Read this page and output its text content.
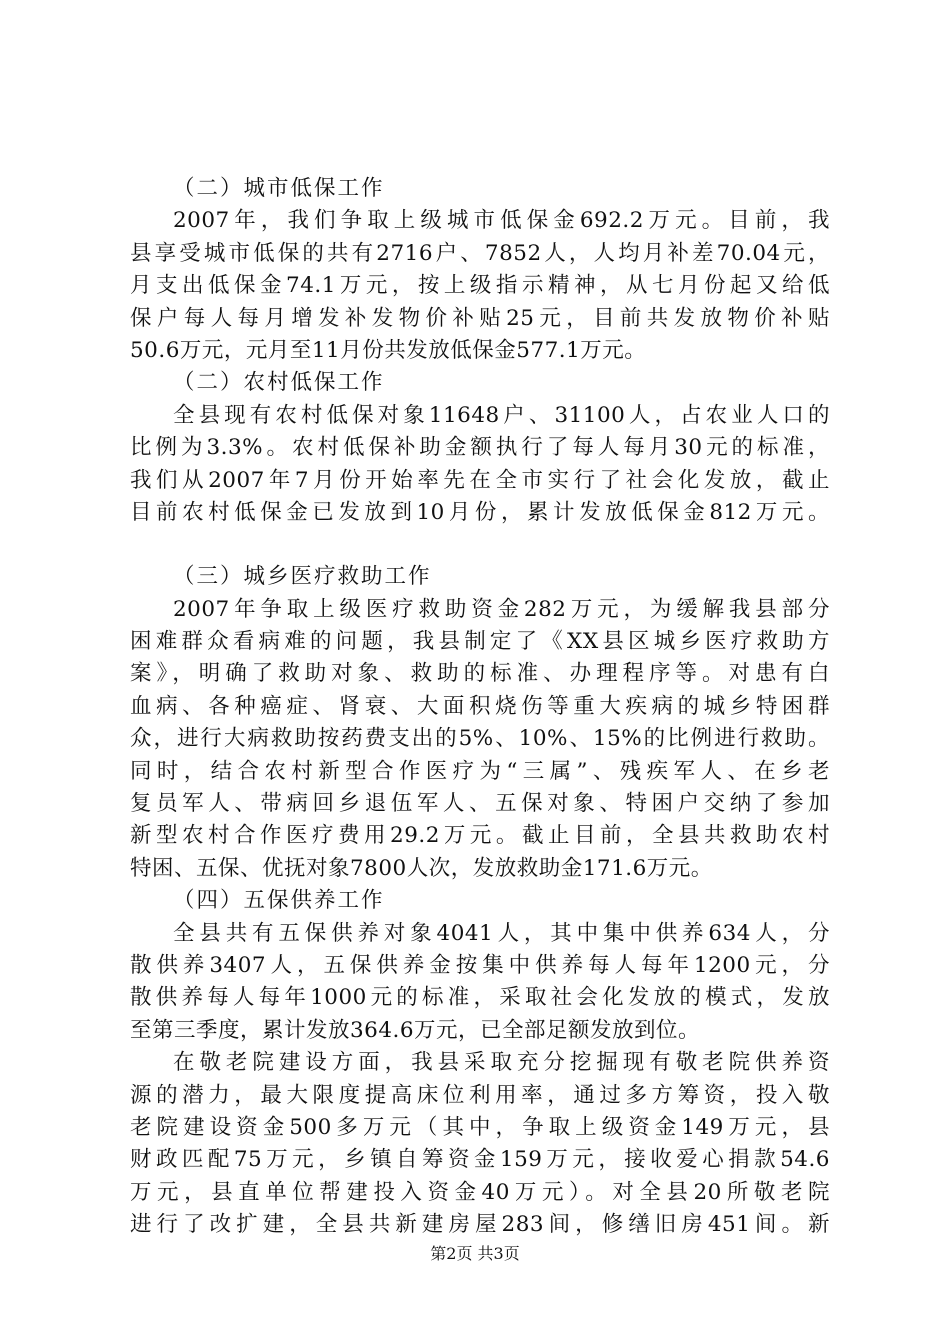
（二）城市低保工作
2007年，我们争取上级城市低保金692.2万元。目前，我
县享受城市低保的共有2716户、7852人，人均月补差70.04元，
月支出低保金74.1万元，按上级指示精神，从七月份起又给低
保户每人每月增发补发物价补贴25元，目前共发放物价补贴
50.6万元，元月至11月份共发放低保金577.1万元。
（二）农村低保工作
全县现有农村低保对象11648户、31100人，占农业人口的
比例为3.3%。农村低保补助金额执行了每人每月30元的标准，
我们从2007年7月份开始率先在全市实行了社会化发放，截止
目前农村低保金已发放到10月份，累计发放低保金812万元。
（三）城乡医疗救助工作
2007年争取上级医疗救助资金282万元，为缓解我县部分
困难群众看病难的问题，我县制定了《XX县区城乡医疗救助方
案》，明确了救助对象、救助的标准、办理程序等。对患有白
血病、各种癌症、肾衰、大面积烧伤等重大疾病的城乡特困群
众，进行大病救助按药费支出的5%、10%、15%的比例进行救助。
同时，结合农村新型合作医疗为“三属”、残疾军人、在乡老
复员军人、带病回乡退伍军人、五保对象、特困户交纳了参加
新型农村合作医疗费用29.2万元。截止目前，全县共救助农村
特困、五保、优抚对象7800人次，发放救助金171.6万元。
（四）五保供养工作
全县共有五保供养对象4041人，其中集中供养634人，分
散供养3407人，五保供养金按集中供养每人每年1200元，分
散供养每人每年1000元的标准，采取社会化发放的模式，发放
至第三季度，累计发放364.6万元，已全部足额发放到位。
在敬老院建设方面，我县采取充分挖掘现有敬老院供养资
源的潜力，最大限度提高床位利用率，通过多方筹资，投入敬
老院建设资金500多万元（其中，争取上级资金149万元，县
财政匹配75万元，乡镇自筹资金159万元，接收爱心捐款54.6
万元，县直单位帮建投入资金40万元）。对全县20所敬老院
进行了改扩建，全县共新建房屋283间，修缮旧房451间。新
第2页 共3页
